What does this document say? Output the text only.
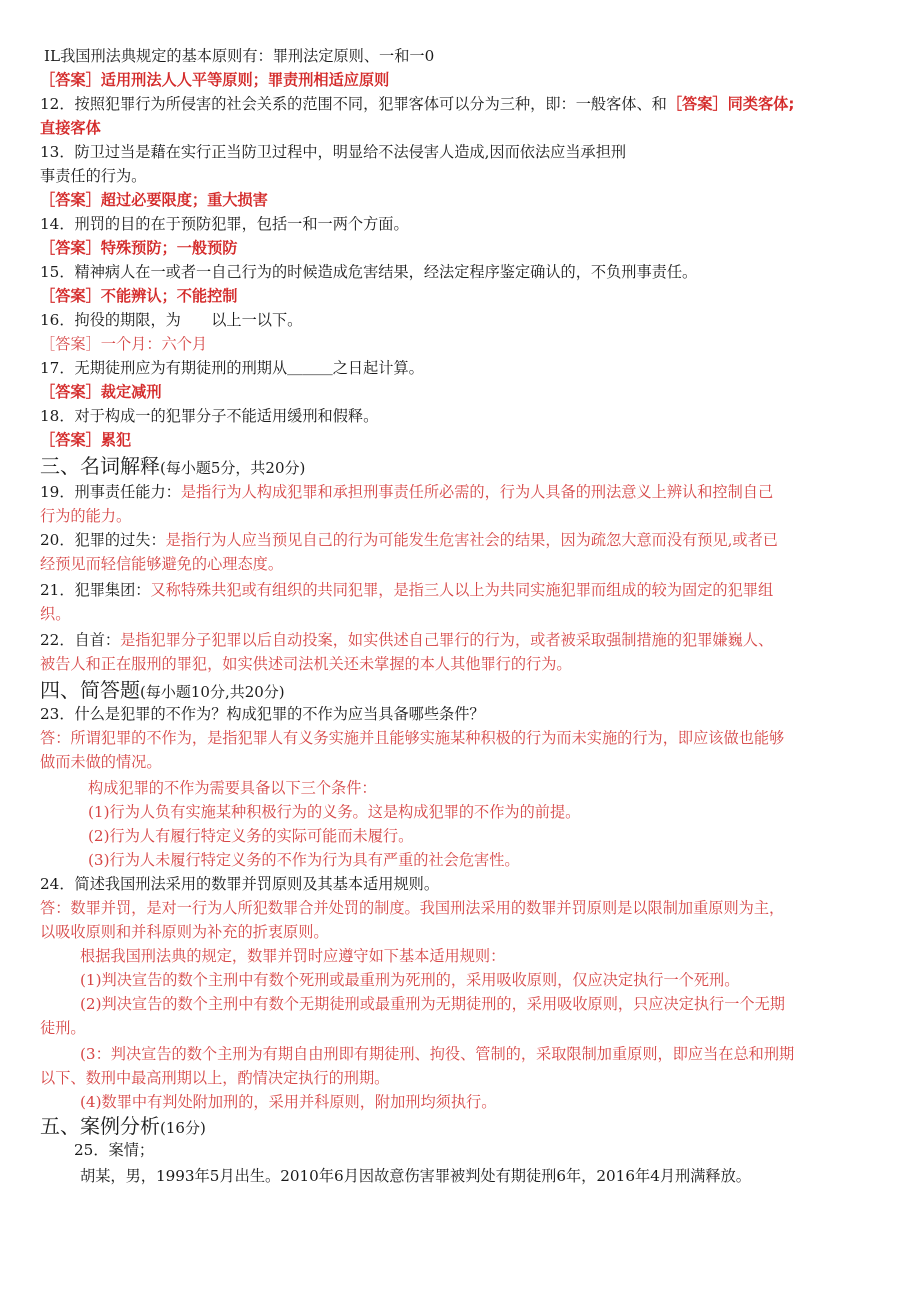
IL我国刑法典规定的基本原则有：罪刑法定原则、一和一0
［答案］适用刑法人人平等原则；罪责刑相适应原则
12．按照犯罪行为所侵害的社会关系的范围不同，犯罪客体可以分为三种，即：一般客体、和［答案］同类客体;
直接客体
13．防卫过当是藉在实行正当防卫过程中，明显给不法侵害人造成,因而依法应当承担刑
事责任的行为。
［答案］超过必要限度；重大损害
14．刑罚的目的在于预防犯罪，包括一和一两个方面。
［答案］特殊预防；一般预防
15．精神病人在一或者一自己行为的时候造成危害结果，经法定程序鉴定确认的，不负刑事责任。
［答案］不能辨认；不能控制
16．拘役的期限，为　　以上一以下。
［答案］一个月：六个月
17．无期徒刑应为有期徒刑的刑期从＿＿＿之日起计算。
［答案］裁定减刑
18．对于构成一的犯罪分子不能适用缓刑和假释。
［答案］累犯
三、名词解释(每小题5分，共20分)
19．刑事责任能力：是指行为人构成犯罪和承担刑事责任所必需的，行为人具备的刑法意义上辨认和控制自己
行为的能力。
20．犯罪的过失：是指行为人应当预见自己的行为可能发生危害社会的结果，因为疏忽大意而没有预见,或者已
经预见而轻信能够避免的心理态度。
21．犯罪集团：又称特殊共犯或有组织的共同犯罪，是指三人以上为共同实施犯罪而组成的较为固定的犯罪组
织。
22．自首：是指犯罪分子犯罪以后自动投案，如实供述自己罪行的行为，或者被采取强制措施的犯罪嫌巍人、
被告人和正在服刑的罪犯，如实供述司法机关还未掌握的本人其他罪行的行为。
四、简答题(每小题10分,共20分)
23．什么是犯罪的不作为？构成犯罪的不作为应当具备哪些条件？
答：所谓犯罪的不作为，是指犯罪人有义务实施并且能够实施某种积极的行为而未实施的行为，即应该做也能够
做而未做的情况。
构成犯罪的不作为需要具备以下三个条件：
(1)行为人负有实施某种积极行为的义务。这是构成犯罪的不作为的前提。
(2)行为人有履行特定义务的实际可能而未履行。
(3)行为人未履行特定义务的不作为行为具有严重的社会危害性。
24．简述我国刑法采用的数罪并罚原则及其基本适用规则。
答：数罪并罚，是对一行为人所犯数罪合并处罚的制度。我国刑法采用的数罪并罚原则是以限制加重原则为主，
以吸收原则和并科原则为补充的折衷原则。
根据我国刑法典的规定，数罪并罚时应遵守如下基本适用规则：
(1)判决宣告的数个主刑中有数个死刑或最重刑为死刑的，采用吸收原则，仅应决定执行一个死刑。
(2)判决宣告的数个主刑中有数个无期徒刑或最重刑为无期徒刑的，采用吸收原则，只应决定执行一个无期
徒刑。
(3：判决宣告的数个主刑为有期自由刑即有期徒刑、拘役、管制的，采取限制加重原则，即应当在总和刑期
以下、数刑中最高刑期以上，酌情决定执行的刑期。
(4)数罪中有判处附加刑的，采用并科原则，附加刑均须执行。
五、案例分析(16分)
25．案情；
胡某，男，1993年5月出生。2010年6月因故意伤害罪被判处有期徒刑6年，2016年4月刑满释放。
